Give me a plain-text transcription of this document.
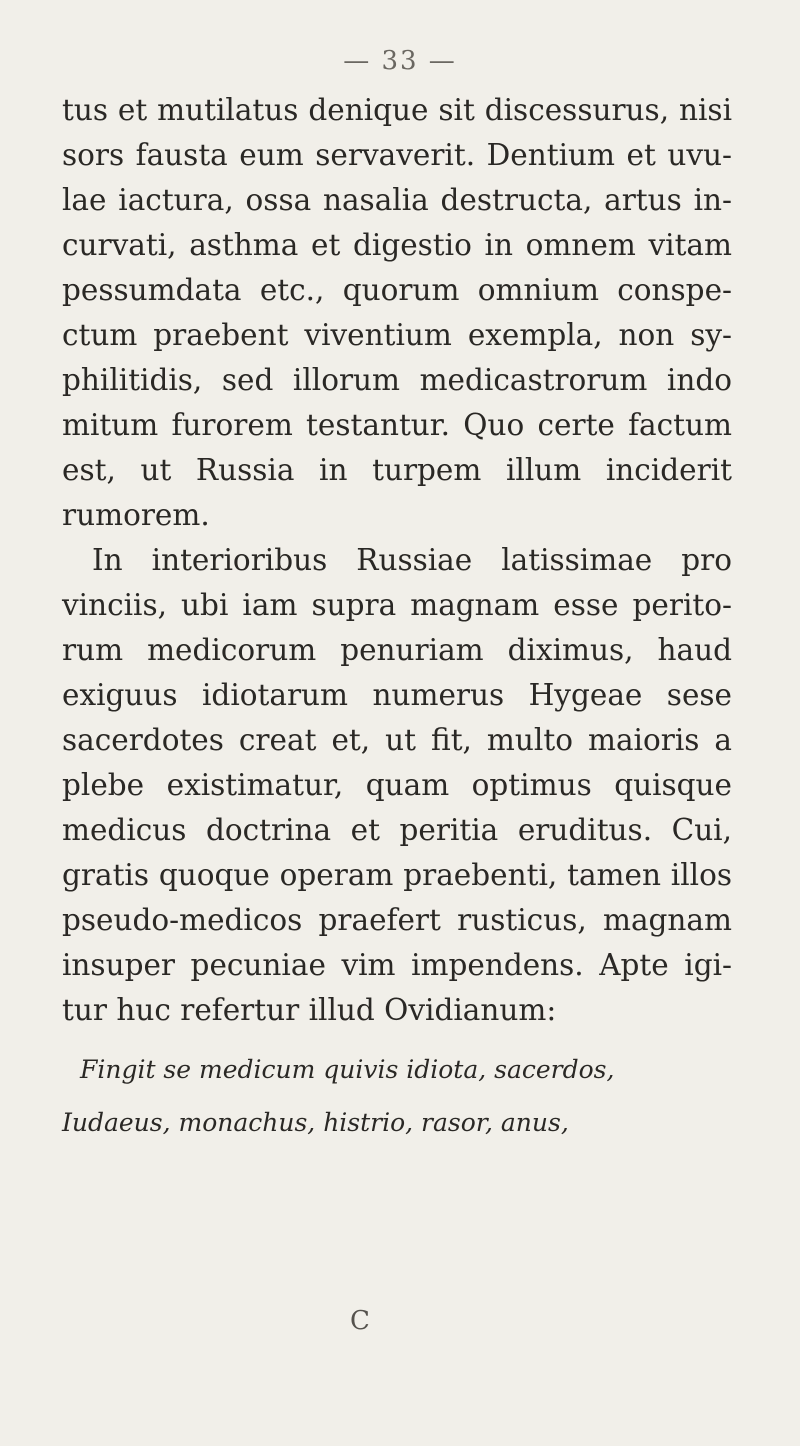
— 33 —
tus et mutilatus denique sit discessurus, nisi
sors fausta eum servaverit. Dentium et uvu-
lae iactura, ossa nasalia destructa, artus in-
curvati, asthma et digestio in omnem vitam
pessumdata etc., quorum omnium conspe-
ctum praebent viventium exempla, non sy-
philitidis, sed illorum medicastrorum indo
mitum furorem testantur. Quo certe factum
est, ut Russia in turpem illum inciderit
rumorem.
In interioribus Russiae latissimae pro
vinciis, ubi iam supra magnam esse perito-
rum medicorum penuriam diximus, haud
exiguus idiotarum numerus Hygeae sese
sacerdotes creat et, ut fit, multo maioris a
plebe existimatur, quam optimus quisque
medicus doctrina et peritia eruditus. Cui,
gratis quoque operam praebenti, tamen illos
pseudo-medicos praefert rusticus, magnam
insuper pecuniae vim impendens. Apte igi-
tur huc refertur illud Ovidianum:
Fingit se medicum quivis idiota, sacerdos,
Iudaeus, monachus, histrio, rasor, anus,
C
